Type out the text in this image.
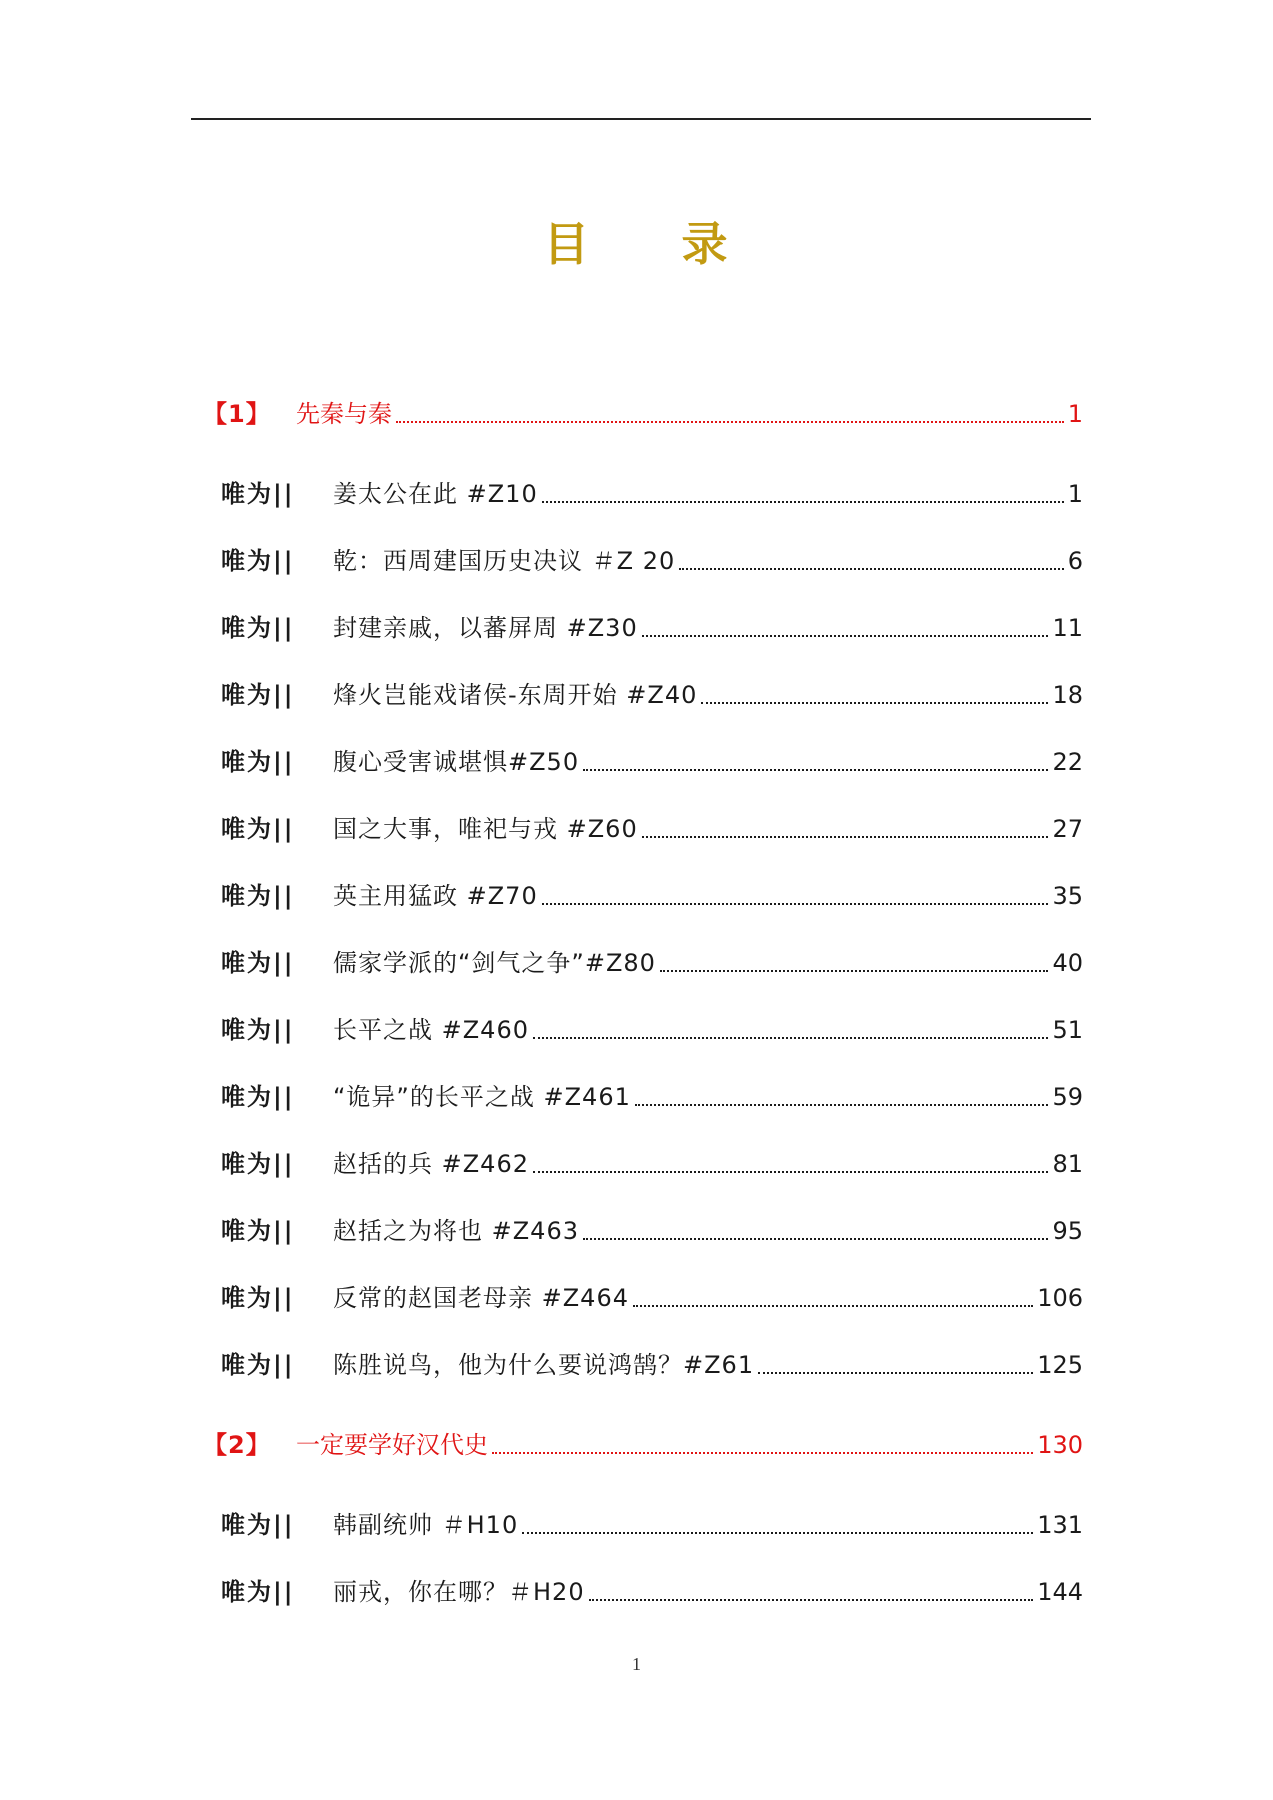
目 录
【1】 先秦与秦	1
唯为|| 姜太公在此 #Z10	1
唯为|| 乾：西周建国历史决议 ＃Z 20	6
唯为|| 封建亲戚，以蕃屏周 #Z30	11
唯为|| 烽火岂能戏诸侯-东周开始 #Z40	18
唯为|| 腹心受害诚堪惧#Z50	22
唯为|| 国之大事，唯祀与戎 #Z60	27
唯为|| 英主用猛政 #Z70	35
唯为|| 儒家学派的“剑气之争”#Z80	40
唯为|| 长平之战 #Z460	51
唯为|| “诡异”的长平之战 #Z461	59
唯为|| 赵括的兵 #Z462	81
唯为|| 赵括之为将也 #Z463	95
唯为|| 反常的赵国老母亲 #Z464	106
唯为|| 陈胜说鸟，他为什么要说鸿鹄？#Z61	125
【2】 一定要学好汉代史	130
唯为|| 韩副统帅 ＃H10	131
唯为|| 丽戎，你在哪？＃H20	144
1
